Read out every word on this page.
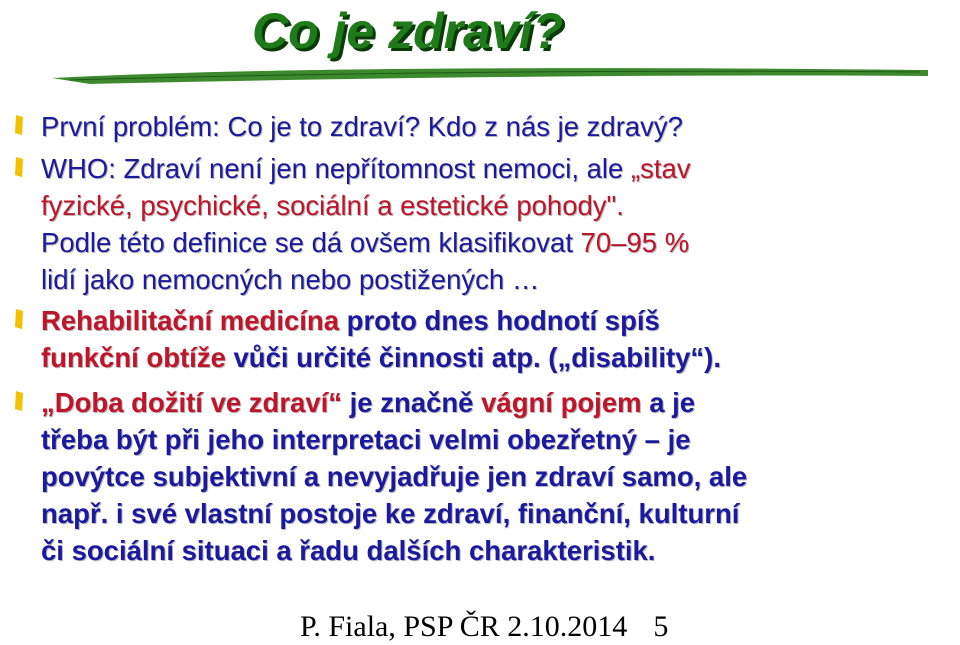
Co je zdraví?
První problém: Co je to zdraví? Kdo z nás je zdravý?
WHO: Zdraví není jen nepřítomnost nemoci, ale „stav
fyzické, psychické, sociální a estetické pohody".
Podle této definice se dá ovšem klasifikovat 70–95 %
lidí jako nemocných nebo postižených …
Rehabilitační medicína proto dnes hodnotí spíš
funkční obtíže vůči určité činnosti atp. („disability“).
„Doba dožití ve zdraví“ je značně vágní pojem a je
třeba být při jeho interpretaci velmi obezřetný – je
povýtce subjektivní a nevyjadřuje jen zdraví samo, ale
např. i své vlastní postoje ke zdraví, finanční, kulturní
či sociální situaci a řadu dalších charakteristik.
P. Fiala, PSP ČR 2.10.2014 5
